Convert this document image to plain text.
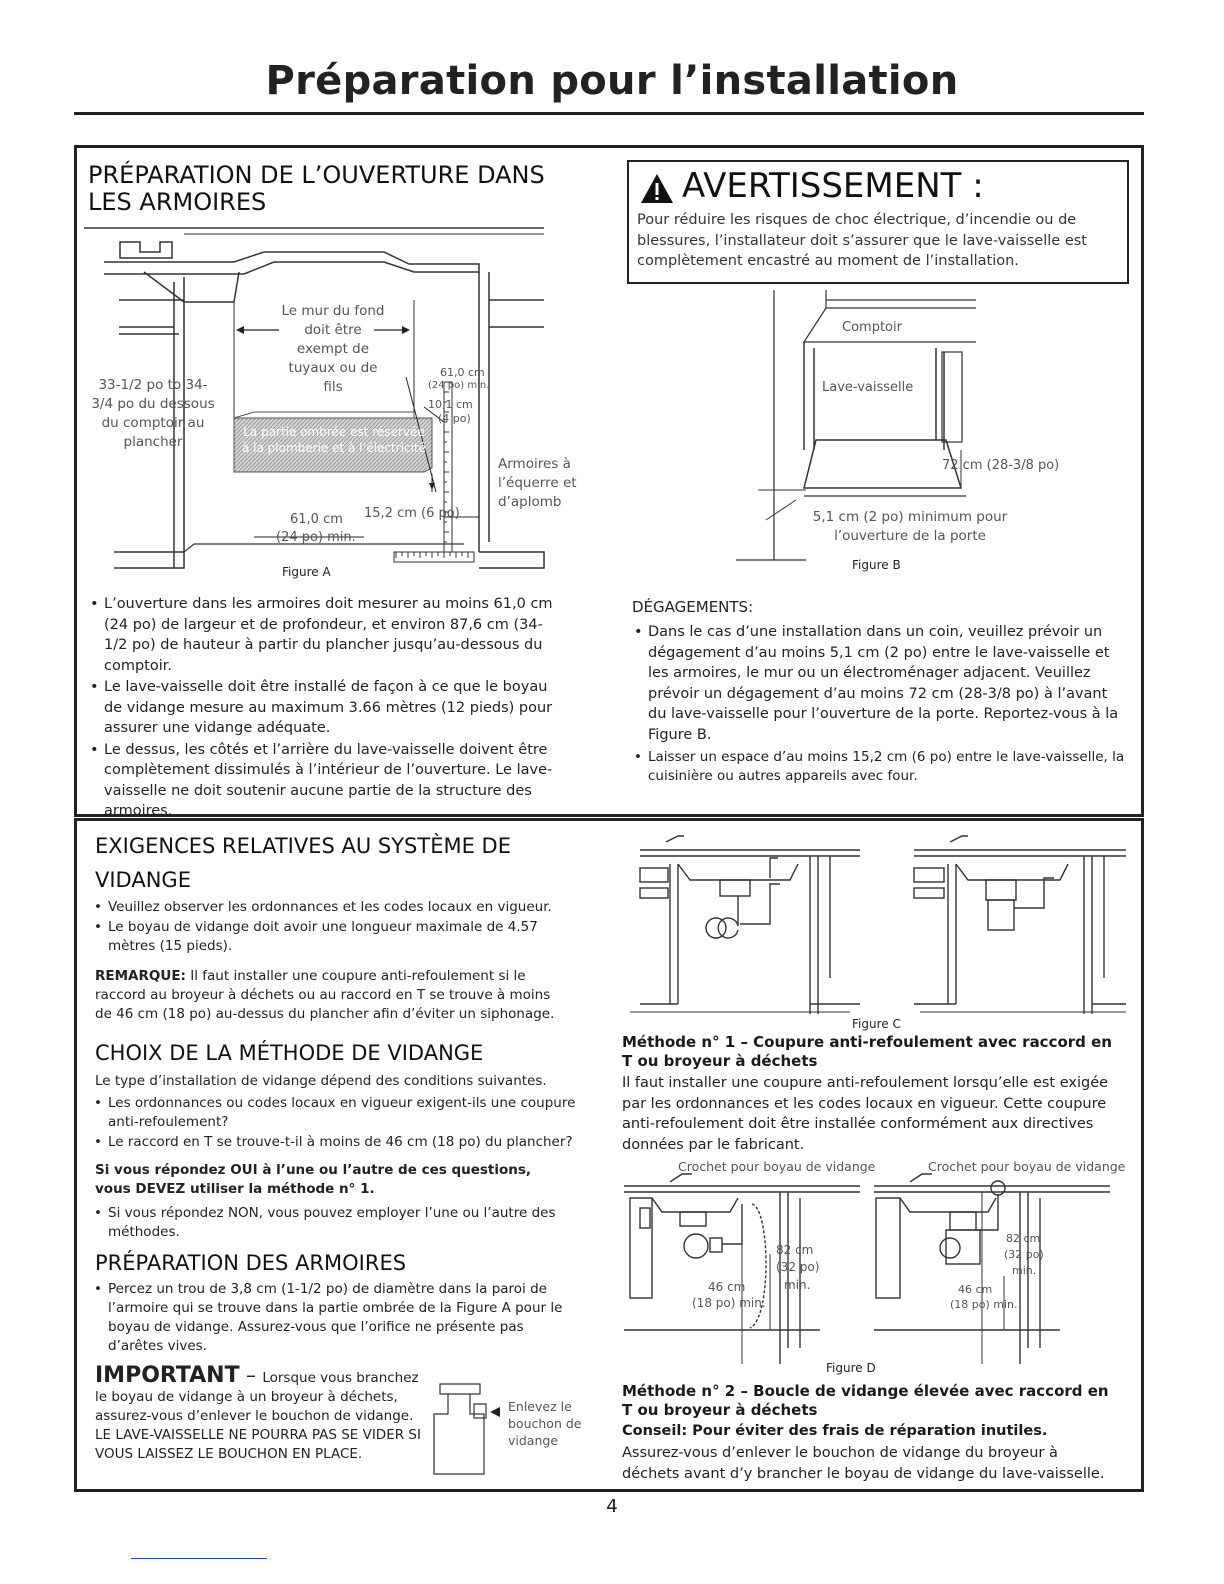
Préparation pour l’installation
PRÉPARATION DE L’OUVERTURE DANS LES ARMOIRES
Le mur du fond doit être exempt de tuyaux ou de fils
33-1/2 po to 34-3/4 po du dessous du comptoir au plancher
La partie ombrée est réservée à la plomberie et à l’électricité
61,0 cm
(24 po) min.
10,1 cm
(4 po)
Armoires à l’équerre et d’aplomb
61,0 cm 15,2 cm (6 po)
(24 po) min.
Figure A
• L’ouverture dans les armoires doit mesurer au moins 61,0 cm (24 po) de largeur et de profondeur, et environ 87,6 cm (34-1/2 po) de hauteur à partir du plancher jusqu’au-dessous du comptoir.
• Le lave-vaisselle doit être installé de façon à ce que le boyau de vidange mesure au maximum 3.66 mètres (12 pieds) pour assurer une vidange adéquate.
• Le dessus, les côtés et l’arrière du lave-vaisselle doivent être complètement dissimulés à l’intérieur de l’ouverture. Le lave-vaisselle ne doit soutenir aucune partie de la structure des armoires.
AVERTISSEMENT :
Pour réduire les risques de choc électrique, d’incendie ou de blessures, l’installateur doit s’assurer que le lave-vaisselle est complètement encastré au moment de l’installation.
Comptoir
Lave-vaisselle
72 cm (28-3/8 po)
5,1 cm (2 po) minimum pour l’ouverture de la porte
Figure B
DÉGAGEMENTS:
• Dans le cas d’une installation dans un coin, veuillez prévoir un dégagement d’au moins 5,1 cm (2 po) entre le lave-vaisselle et les armoires, le mur ou un électroménager adjacent. Veuillez prévoir un dégagement d’au moins 72 cm (28-3/8 po) à l’avant du lave-vaisselle pour l’ouverture de la porte. Reportez-vous à la Figure B.
• Laisser un espace d’au moins 15,2 cm (6 po) entre le lave-vaisselle, la cuisinière ou autres appareils avec four.
EXIGENCES RELATIVES AU SYSTÈME DE
VIDANGE
• Veuillez observer les ordonnances et les codes locaux en vigueur.
• Le boyau de vidange doit avoir une longueur maximale de 4.57 mètres (15 pieds).
REMARQUE: Il faut installer une coupure anti-refoulement si le raccord au broyeur à déchets ou au raccord en T se trouve à moins de 46 cm (18 po) au-dessus du plancher afin d’éviter un siphonage.
CHOIX DE LA MÉTHODE DE VIDANGE
Le type d’installation de vidange dépend des conditions suivantes.
• Les ordonnances ou codes locaux en vigueur exigent-ils une coupure anti-refoulement?
• Le raccord en T se trouve-t-il à moins de 46 cm (18 po) du plancher?
Si vous répondez OUI à l’une ou l’autre de ces questions, vous DEVEZ utiliser la méthode n° 1.
• Si vous répondez NON, vous pouvez employer l’une ou l’autre des méthodes.
PRÉPARATION DES ARMOIRES
• Percez un trou de 3,8 cm (1-1/2 po) de diamètre dans la paroi de l’armoire qui se trouve dans la partie ombrée de la Figure A pour le boyau de vidange. Assurez-vous que l’orifice ne présente pas d’arêtes vives.
IMPORTANT – Lorsque vous branchez le boyau de vidange à un broyeur à déchets, assurez-vous d’enlever le bouchon de vidange.
LE LAVE-VAISSELLE NE POURRA PAS SE VIDER SI VOUS LAISSEZ LE BOUCHON EN PLACE.
Enlevez le bouchon de vidange
Figure C
Méthode n° 1 – Coupure anti-refoulement avec raccord en T ou broyeur à déchets
Il faut installer une coupure anti-refoulement lorsqu’elle est exigée par les ordonnances et les codes locaux en vigueur. Cette coupure anti-refoulement doit être installée conformément aux directives données par le fabricant.
Crochet pour boyau de vidange	Crochet pour boyau de vidange
82 cm
(32 po)
min.
46 cm
(18 po) min.
82 cm
(32 po)
min.
46 cm
(18 po) min.
Figure D
Méthode n° 2 – Boucle de vidange élevée avec raccord en T ou broyeur à déchets
Conseil: Pour éviter des frais de réparation inutiles.
Assurez-vous d’enlever le bouchon de vidange du broyeur à déchets avant d’y brancher le boyau de vidange du lave-vaisselle.
4
